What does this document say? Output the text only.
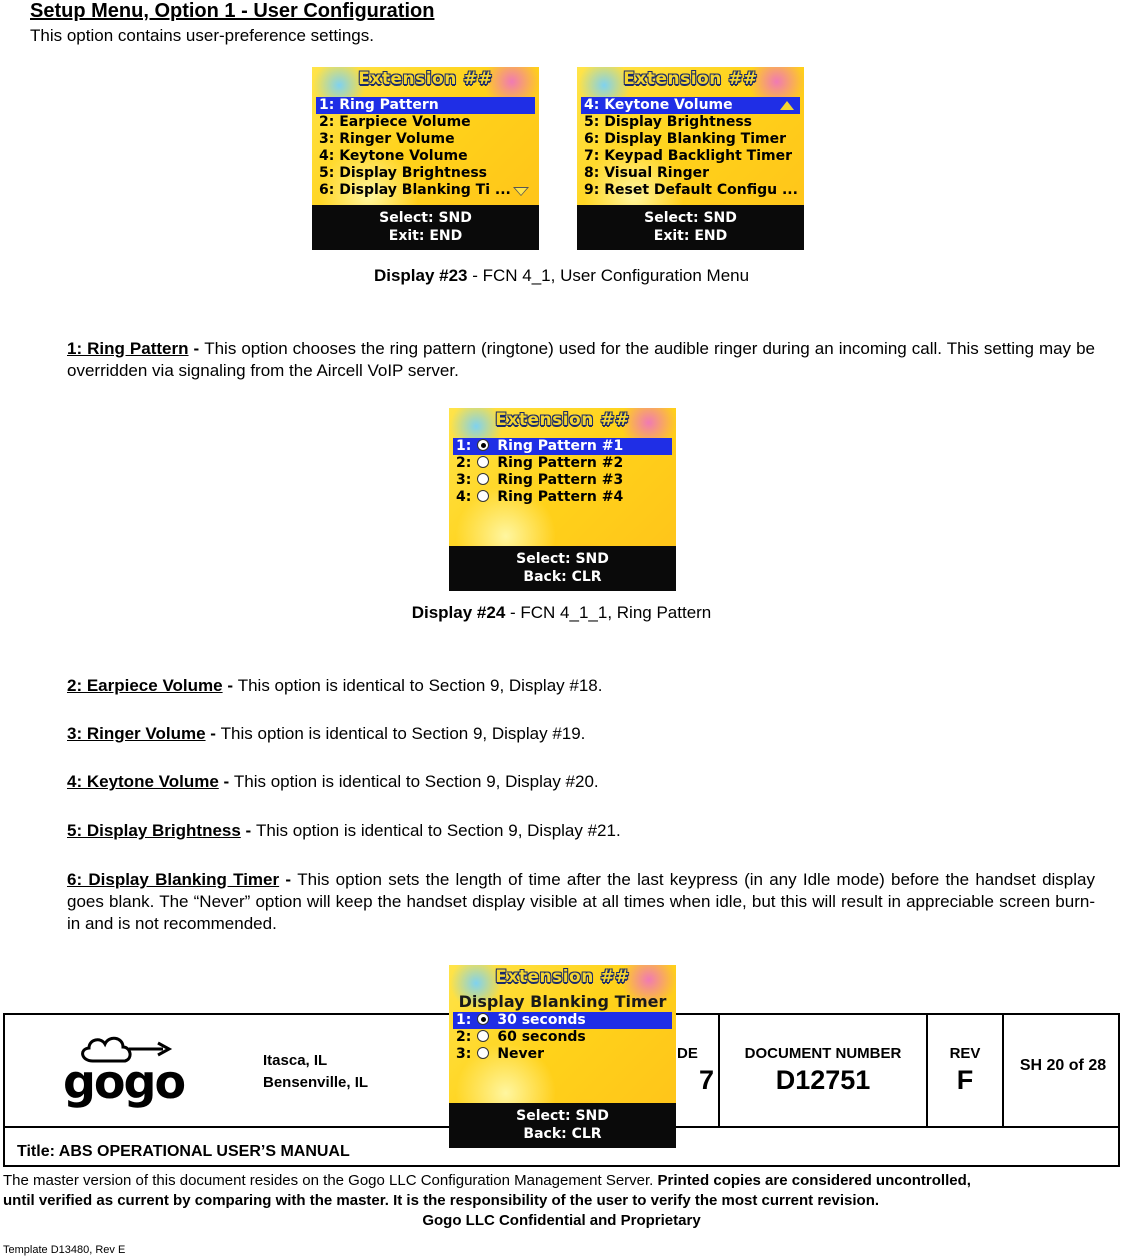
Setup Menu, Option 1 - User Configuration
This option contains user-preference settings.
Extension ##
1: Ring Pattern
2: Earpiece Volume
3: Ringer Volume
4: Keytone Volume
5: Display Brightness
6: Display Blanking Ti ...
Select: SND
Exit: END
Extension ##
4: Keytone Volume
5: Display Brightness
6: Display Blanking Timer
7: Keypad Backlight Timer
8: Visual Ringer
9: Reset Default Configu ...
Select: SND
Exit: END
Display #23 - FCN 4_1, User Configuration Menu
1: Ring Pattern - This option chooses the ring pattern (ringtone) used for the audible ringer during an incoming call. This setting may be overridden via signaling from the Aircell VoIP server.
Extension ##
1: Ring Pattern #1
2: Ring Pattern #2
3: Ring Pattern #3
4: Ring Pattern #4
Select: SND
Back: CLR
Display #24 - FCN 4_1_1, Ring Pattern
2: Earpiece Volume - This option is identical to Section 9, Display #18.
3: Ringer Volume - This option is identical to Section 9, Display #19.
4: Keytone Volume - This option is identical to Section 9, Display #20.
5: Display Brightness - This option is identical to Section 9, Display #21.
6: Display Blanking Timer - This option sets the length of time after the last keypress (in any Idle mode) before the handset display goes blank. The “Never” option will keep the handset display visible at all times when idle, but this will result in appreciable screen burn-in and is not recommended.
gogo	Itasca, IL
Bensenville, IL
DE
7
DOCUMENT NUMBER
D12751
REV
F	SH 20 of 28
Title: ABS OPERATIONAL USER’S MANUAL
Extension ##
Display Blanking Timer
1: 30 seconds
2: 60 seconds
3: Never
Select: SND
Back: CLR
The master version of this document resides on the Gogo LLC Configuration Management Server. Printed copies are considered uncontrolled,
until verified as current by comparing with the master. It is the responsibility of the user to verify the most current revision.
Gogo LLC Confidential and Proprietary
Template D13480, Rev E
